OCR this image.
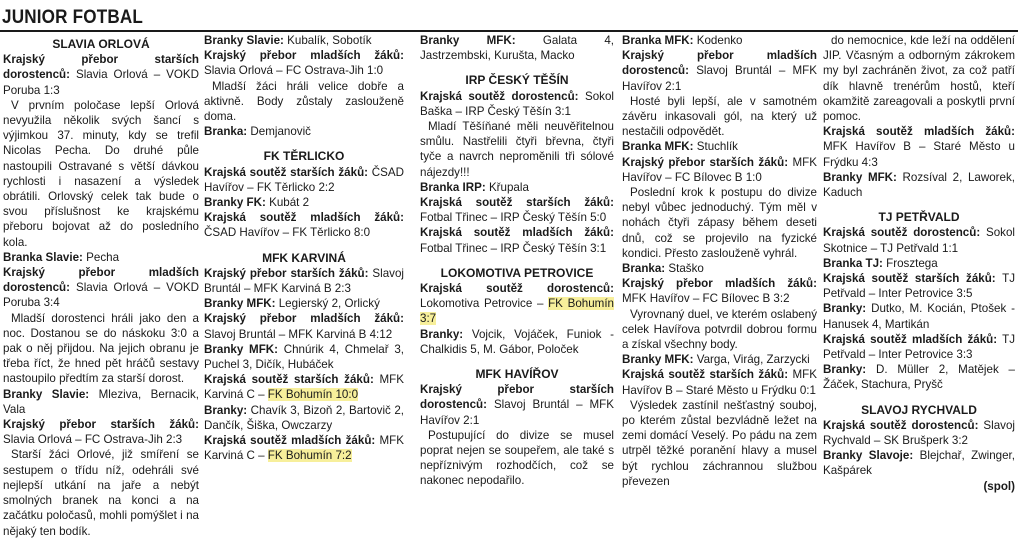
JUNIOR FOTBAL
SLAVIA ORLOVÁ
Krajský přebor starších dorostenců: Slavia Orlová – VOKD Poruba 1:3
V prvním poločase lepší Orlová nevyužila několik svých šancí s výjimkou 37. minuty, kdy se trefil Nicolas Pecha. Do druhé půle nastoupili Ostravané s větší dávkou rychlosti i nasazení a výsledek obrátili. Orlovský celek tak bude o svou příslušnost ke krajskému přeboru bojovat až do posledního kola.
Branka Slavie: Pecha
Krajský přebor mladších dorostenců: Slavia Orlová – VOKD Poruba 3:4
Mladší dorostenci hráli jako den a noc. Dostanou se do náskoku 3:0 a pak o něj přijdou. Na jejich obranu je třeba říct, že hned pět hráčů sestavy nastoupilo předtím za starší dorost.
Branky Slavie: Mleziva, Bernacik, Vala
Krajský přebor starších žáků: Slavia Orlová – FC Ostrava-Jih 2:3
Starší žáci Orlové, již smíření se sestupem o třídu níž, odehráli své nejlepší utkání na jaře a nebýt smolných branek na konci a na začátku poločasů, mohli pomýšlet i na nějaký ten bodík.
Branky Slavie: Kubalík, Sobotík
Krajský přebor mladších žáků: Slavia Orlová – FC Ostrava-Jih 1:0
Mladší žáci hráli velice dobře a aktivně. Body zůstaly zaslouženě doma.
Branka: Demjanovič
FK TĚRLICKO
Krajská soutěž starších žáků: ČSAD Havířov – FK Těrlicko 2:2
Branky FK: Kubát 2
Krajská soutěž mladších žáků: ČSAD Havířov – FK Těrlicko 8:0
MFK KARVINÁ
Krajský přebor starších žáků: Slavoj Bruntál – MFK Karviná B 2:3
Branky MFK: Legierský 2, Orlický
Krajský přebor mladších žáků: Slavoj Bruntál – MFK Karviná B 4:12
Branky MFK: Chnúrik 4, Chmelař 3, Puchel 3, Dičík, Hubáček
Krajská soutěž starších žáků: MFK Karviná C – FK Bohumín 10:0
Branky: Chavík 3, Bizoň 2, Bartovič 2, Dančík, Šiška, Owczarzy
Krajská soutěž mladších žáků: MFK Karviná C – FK Bohumín 7:2
Branky MFK: Galata 4, Jastrzembski, Kurušta, Macko
IRP ČESKÝ TĚŠÍN
Krajská soutěž dorostenců: Sokol Baška – IRP Český Těšín 3:1
Mladí Těšíňané měli neuvěřitelnou smůlu. Nastřelili čtyři břevna, čtyři tyče a navrch nepromĕnili tři sólové nájezdy!!!
Branka IRP: Křupala
Krajská soutěž starších žáků: Fotbal Třinec – IRP Český Těšín 5:0
Krajská soutěž mladších žáků: Fotbal Třinec – IRP Český Těšín 3:1
LOKOMOTIVA PETROVICE
Krajská soutěž dorostenců: Lokomotiva Petrovice – FK Bohumín 3:7
Branky: Vojcik, Vojáček, Funiok - Chalkidis 5, M. Gábor, Poloček
MFK HAVÍŘOV
Krajský přebor starších dorostenců: Slavoj Bruntál – MFK Havířov 2:1
Postupující do divize se musel poprat nejen se soupeřem, ale také s nepříznivým rozhodčích, což se nakonec nepodařilo.
Branka MFK: Kodenko
Krajský přebor mladších dorostenců: Slavoj Bruntál – MFK Havířov 2:1
Hosté byli lepší, ale v samotném závěru inkasovali gól, na který už nestačili odpovědět.
Branka MFK: Stuchlík
Krajský přebor starších žáků: MFK Havířov – FC Bílovec B 1:0
Poslední krok k postupu do divize nebyl vůbec jednoduchý. Tým měl v nohách čtyři zápasy během deseti dnů, což se projevilo na fyzické kondici. Přesto zaslouženě vyhrál.
Branka: Staško
Krajský přebor mladších žáků: MFK Havířov – FC Bílovec B 3:2
Vyrovnaný duel, ve kterém oslabený celek Havířova potvrdil dobrou formu a získal všechny body.
Branky MFK: Varga, Virág, Zarzycki
Krajská soutěž starších žáků: MFK Havířov B – Staré Město u Frýdku 0:1
Výsledek zastínil nešťastný souboj, po kterém zůstal bezvládně ležet na zemi domácí Veselý. Po pádu na zem utrpěl těžké poranění hlavy a musel být rychlou záchrannou službou převezen
do nemocnice, kde leží na oddělení JIP. Včasným a odborným zákrokem my byl zachráněn život, za což patří dík hlavně trenérům hostů, kteří okamžitě zareagovali a poskytli první pomoc.
Krajská soutěž mladších žáků: MFK Havířov B – Staré Město u Frýdku 4:3
Branky MFK: Rozsíval 2, Laworek, Kaduch
TJ PETŘVALD
Krajská soutěž dorostenců: Sokol Skotnice – TJ Petřvald 1:1
Branka TJ: Frosztega
Krajská soutěž starších žáků: TJ Petřvald – Inter Petrovice 3:5
Branky: Dutko, M. Kocián, Ptošek - Hanusek 4, Martikán
Krajská soutěž mladších žáků: TJ Petřvald – Inter Petrovice 3:3
Branky: D. Müller 2, Matějek – Žáček, Stachura, Pryšč
SLAVOJ RYCHVALD
Krajská soutěž dorostenců: Slavoj Rychvald – SK Brušperk 3:2
Branky Slavoje: Blejchař, Zwinger, Kašpárek
(spol)
